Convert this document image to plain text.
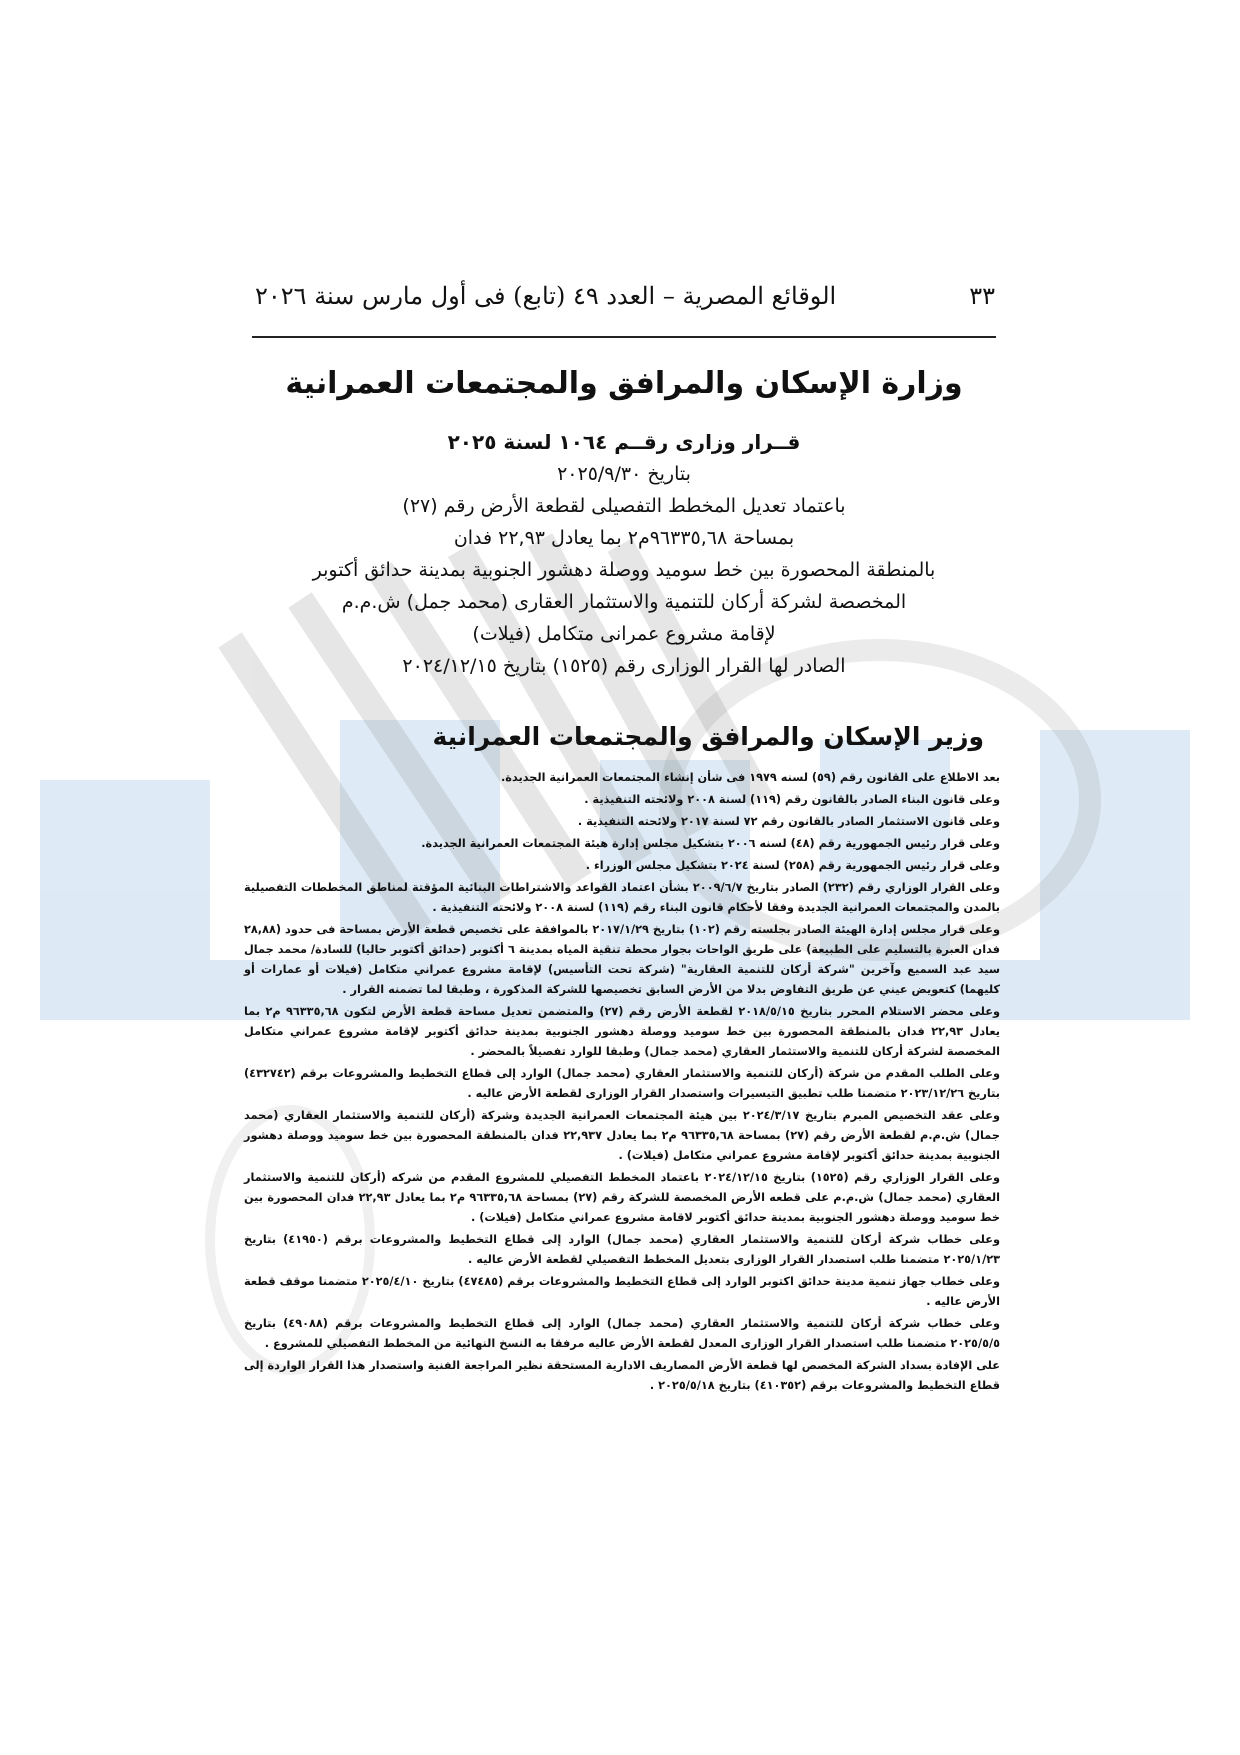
الوقائع المصرية – العدد ٤٩ (تابع) فى أول مارس سنة ٢٠٢٦	٣٣
وزارة الإسكان والمرافق والمجتمعات العمرانية
قــرار وزارى رقــم ١٠٦٤ لسنة ٢٠٢٥
بتاريخ ٢٠٢٥/٩/٣٠
باعتماد تعديل المخطط التفصيلى لقطعة الأرض رقم (٢٧)
بمساحة ٩٦٣٣٥,٦٨م٢ بما يعادل ٢٢,٩٣ فدان
بالمنطقة المحصورة بين خط سوميد ووصلة دهشور الجنوبية بمدينة حدائق أكتوبر
المخصصة لشركة أركان للتنمية والاستثمار العقارى (محمد جمل) ش.م.م
لإقامة مشروع عمرانى متكامل (فيلات)
الصادر لها القرار الوزارى رقم (١٥٢٥) بتاريخ ٢٠٢٤/١٢/١٥
وزير الإسكان والمرافق والمجتمعات العمرانية

بعد الاطلاع على القانون رقم (٥٩) لسنه ١٩٧٩ فى شأن إنشاء المجتمعات العمرانية الجديدة.

وعلى قانون البناء الصادر بالقانون رقم (١١٩) لسنة ٢٠٠٨ ولائحته التنفيذية .

وعلى قانون الاستثمار الصادر بالقانون رقم ٧٢ لسنة ٢٠١٧ ولائحته التنفيذية .

وعلى قرار رئيس الجمهورية رقم (٤٨) لسنه ٢٠٠٦ بتشكيل مجلس إدارة هيئة المجتمعات العمرانية الجديدة.

وعلى قرار رئيس الجمهورية رقم (٢٥٨) لسنة ٢٠٢٤ بتشكيل مجلس الوزراء .

وعلى القرار الوزاري رقم (٢٣٢) الصادر بتاريخ ٢٠٠٩/٦/٧ بشأن اعتماد القواعد والاشتراطات البنائية المؤقتة لمناطق المخططات التفصيلية بالمدن والمجتمعات العمرانية الجديدة وفقا لأحكام قانون البناء رقم (١١٩) لسنة ٢٠٠٨ ولائحته التنفيذية .

وعلى قرار مجلس إدارة الهيئة الصادر بجلسته رقم (١٠٢) بتاريخ ٢٠١٧/١/٢٩ بالموافقة على تخصيص قطعة الأرض بمساحة فى حدود (٢٨,٨٨ فدان العبرة بالتسليم على الطبيعة) على طريق الواحات بجوار محطة تنقية المياه بمدينة ٦ أكتوبر (حدائق أكتوبر حاليا) للسادة/ محمد جمال سيد عبد السميع وآخرين "شركة أركان للتنمية العقارية" (شركة تحت التأسيس) لإقامة مشروع عمراني متكامل (فيلات أو عمارات أو كليهما) كتعويض عيني عن طريق التفاوض بدلا من الأرض السابق تخصيصها للشركة المذكورة ، وطبقا لما تضمنه القرار .

وعلى محضر الاستلام المحرر بتاريخ ٢٠١٨/٥/١٥ لقطعة الأرض رقم (٢٧) والمتضمن تعديل مساحة قطعة الأرض لتكون ٩٦٣٣٥,٦٨ م٢ بما يعادل ٢٢,٩٣ فدان بالمنطقة المحصورة بين خط سوميد ووصلة دهشور الجنوبية بمدينة حدائق أكتوبر لإقامة مشروع عمراني متكامل المخصصة لشركة أركان للتنمية والاستثمار العقاري (محمد جمال) وطبقا للوارد تفصيلاً بالمحضر .

وعلى الطلب المقدم من شركة (أركان للتنمية والاستثمار العقاري (محمد جمال) الوارد إلى قطاع التخطيط والمشروعات برقم (٤٣٢٧٤٢) بتاريخ ٢٠٢٣/١٢/٢٦ متضمنا طلب تطبيق التيسيرات واستصدار القرار الوزارى لقطعة الأرض عاليه .

وعلى عقد التخصيص المبرم بتاريخ ٢٠٢٤/٣/١٧ بين هيئة المجتمعات العمرانية الجديدة وشركة (أركان للتنمية والاستثمار العقاري (محمد جمال) ش.م.م لقطعة الأرض رقم (٢٧) بمساحة ٩٦٣٣٥,٦٨ م٢ بما يعادل ٢٢,٩٣٧ فدان بالمنطقة المحصورة بين خط سوميد ووصلة دهشور الجنوبية بمدينة حدائق أكتوبر لإقامة مشروع عمراني متكامل (فيلات) .

وعلى القرار الوزاري رقم (١٥٢٥) بتاريخ ٢٠٢٤/١٢/١٥ باعتماد المخطط التفصيلي للمشروع المقدم من شركه (أركان للتنمية والاستثمار العقاري (محمد جمال) ش.م.م على قطعه الأرض المخصصة للشركة رقم (٢٧) بمساحة ٩٦٣٣٥,٦٨ م٢ بما يعادل ٢٢,٩٣ فدان المحصورة بين خط سوميد ووصلة دهشور الجنوبية بمدينة حدائق أكتوبر لاقامة مشروع عمراني متكامل (فيلات) .

وعلى خطاب شركة أركان للتنمية والاستثمار العقاري (محمد جمال) الوارد إلى قطاع التخطيط والمشروعات برقم (٤١٩٥٠) بتاريخ ٢٠٢٥/١/٢٣ متضمنا طلب استصدار القرار الوزارى بتعديل المخطط التفصيلي لقطعة الأرض عاليه .

وعلى خطاب جهاز تنمية مدينة حدائق اكتوبر الوارد إلى قطاع التخطيط والمشروعات برقم (٤٧٤٨٥) بتاريخ ٢٠٢٥/٤/١٠ متضمنا موقف قطعة الأرض عاليه .

وعلى خطاب شركة أركان للتنمية والاستثمار العقاري (محمد جمال) الوارد إلى قطاع التخطيط والمشروعات برقم (٤٩٠٨٨) بتاريخ ٢٠٢٥/٥/٥ متضمنا طلب استصدار القرار الوزارى المعدل لقطعة الأرض عاليه مرفقا به النسخ النهائية من المخطط التفصيلي للمشروع .

على الإفادة بسداد الشركة المخصص لها قطعة الأرض المصاريف الادارية المستحقة نظير المراجعة الفنية واستصدار هذا القرار الواردة إلى قطاع التخطيط والمشروعات برقم (٤١٠٣٥٢) بتاريخ ٢٠٢٥/٥/١٨ .
